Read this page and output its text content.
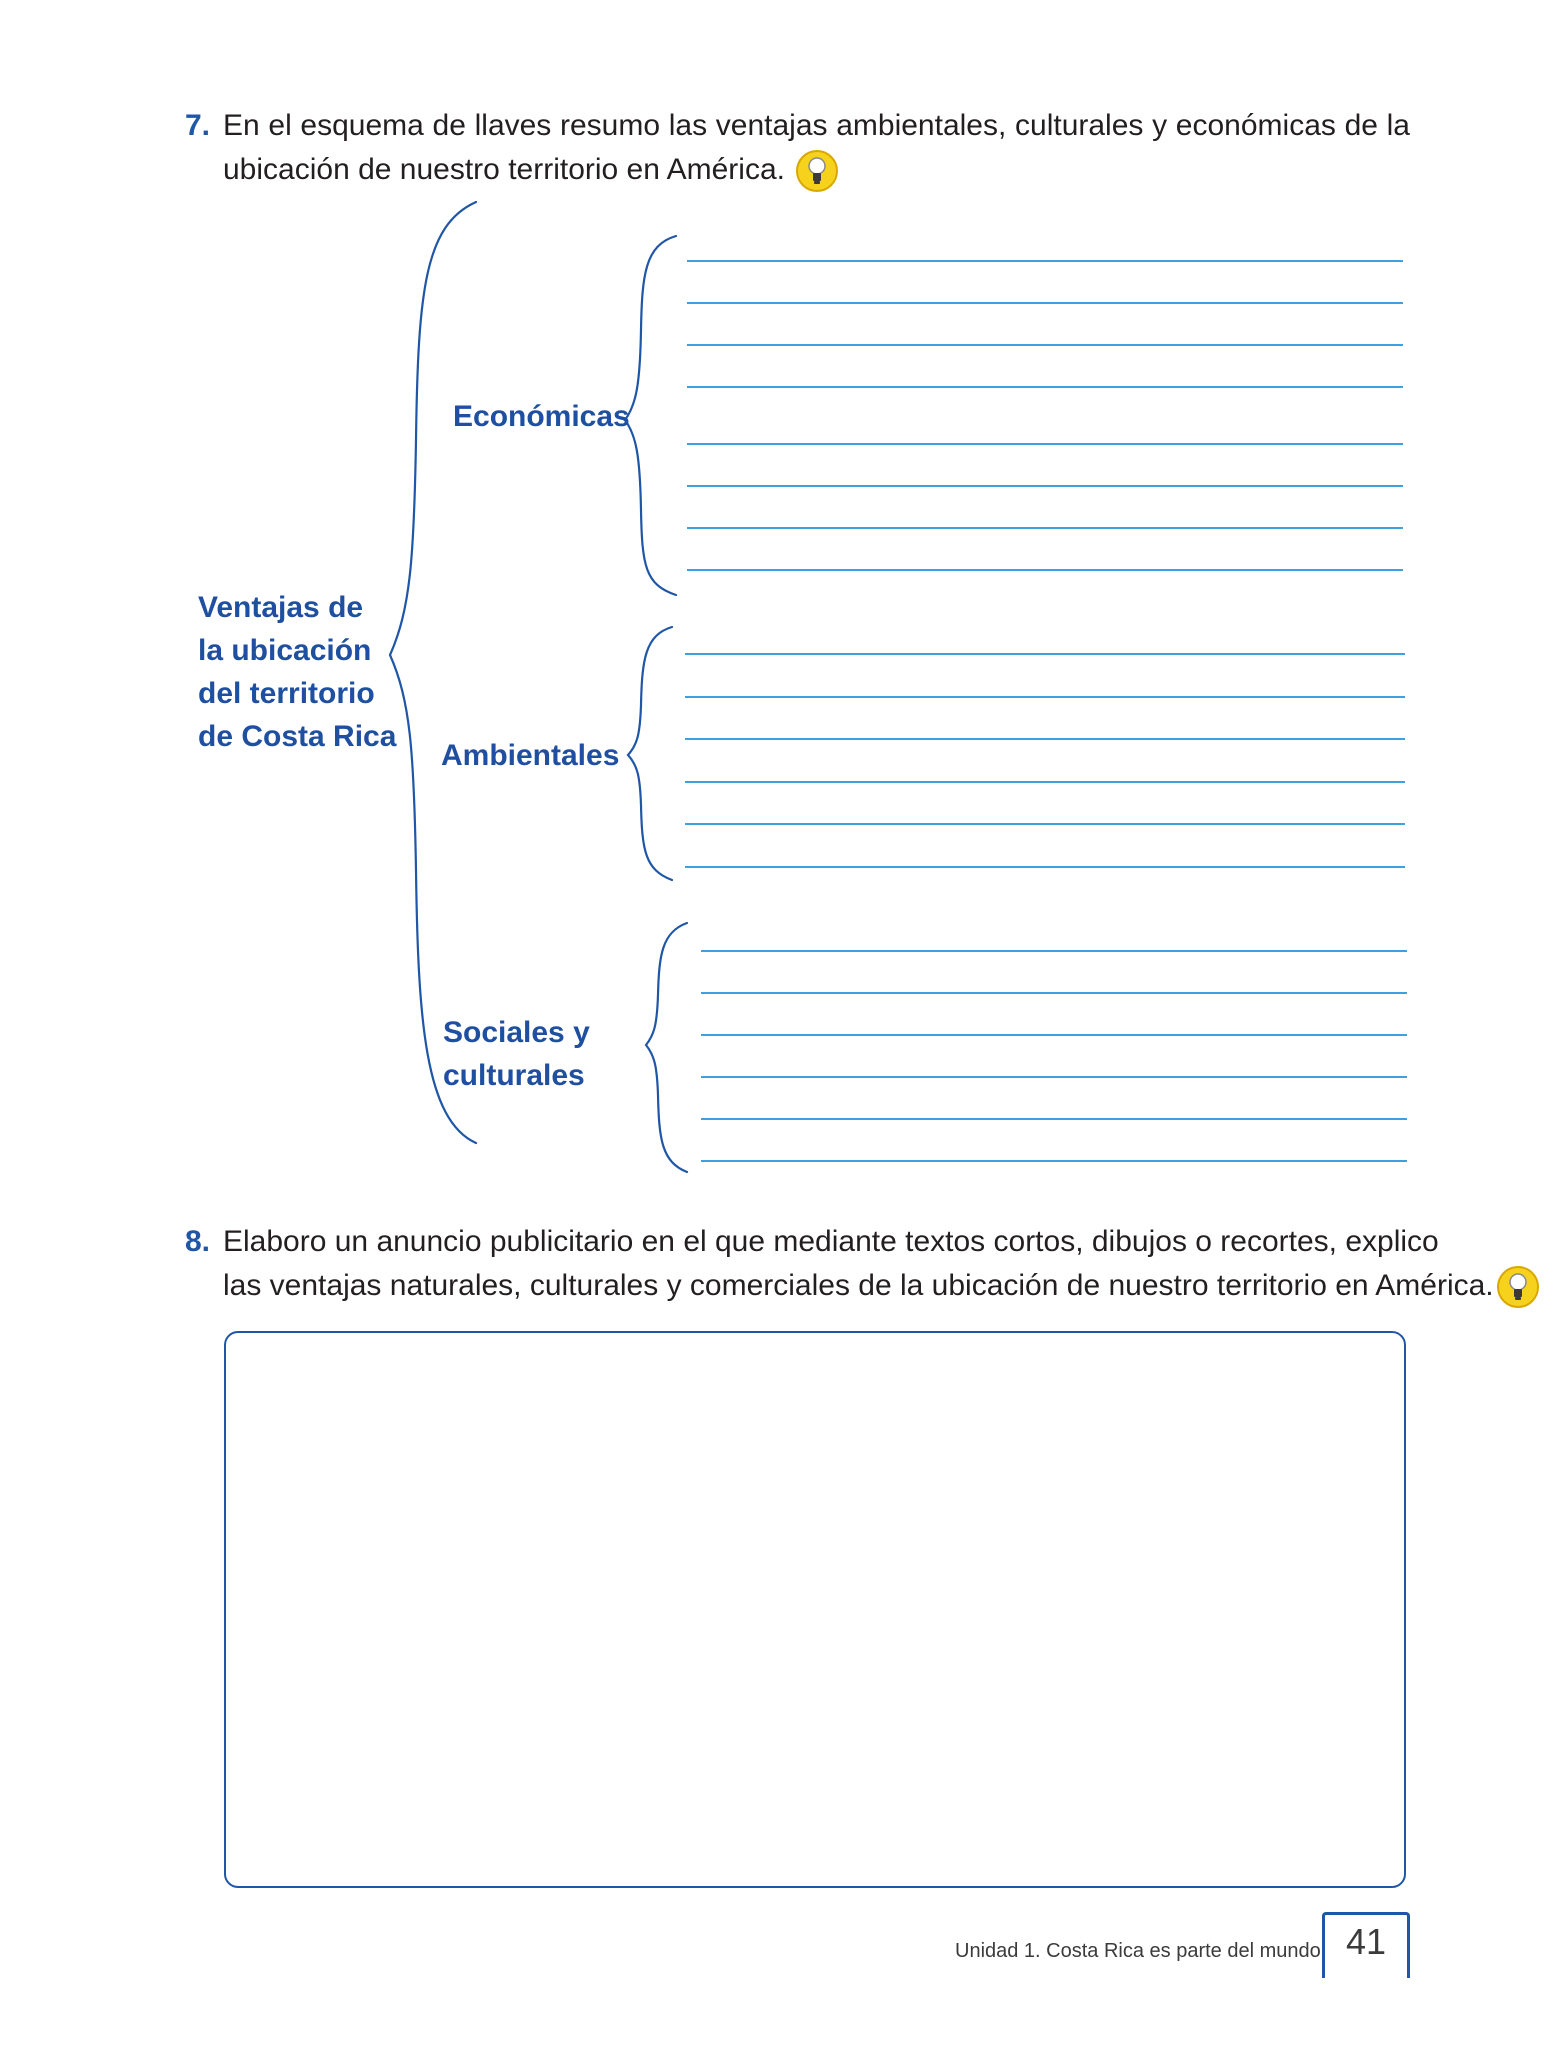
7. En el esquema de llaves resumo las ventajas ambientales, culturales y económicas de la
ubicación de nuestro territorio en América.
Ventajas de
la ubicación
del territorio
de Costa Rica
Económicas
Ambientales
Sociales y
culturales
8. Elaboro un anuncio publicitario en el que mediante textos cortos, dibujos o recortes, explico
las ventajas naturales, culturales y comerciales de la ubicación de nuestro territorio en América.
Unidad 1. Costa Rica es parte del mundo 41
